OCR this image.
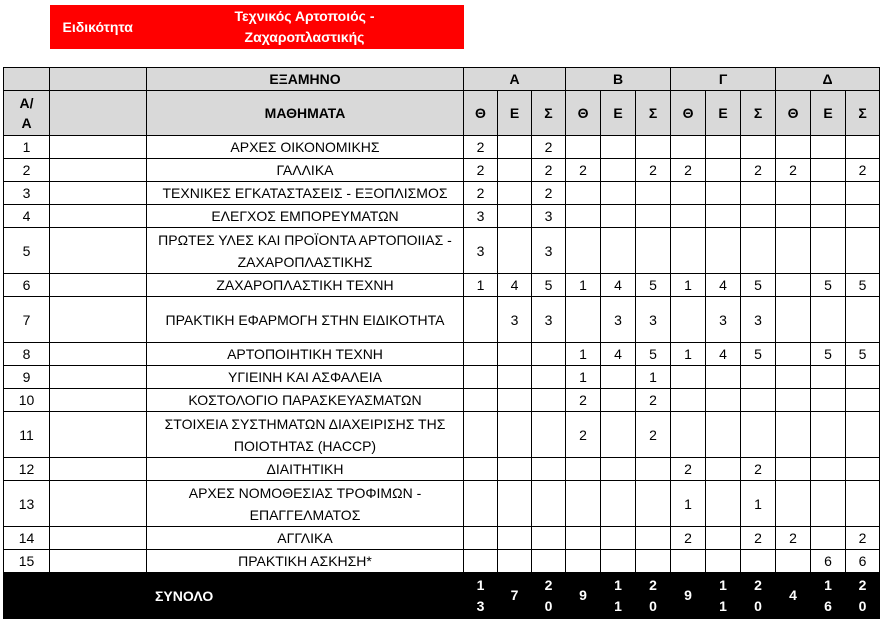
Ειδικότητα
Τεχνικός Αρτοποιός - Ζαχαροπλαστικής
		ΕΞΑΜΗΝΟ	Α			Β			Γ			Δ		
Α/Α		ΜΑΘΗΜΑΤΑ	Θ	Ε	Σ	Θ	Ε	Σ	Θ	Ε	Σ	Θ	Ε	Σ
1		ΑΡΧΕΣ ΟΙΚΟΝΟΜΙΚΗΣ	2		2									
2		ΓΑΛΛΙΚΑ	2		2	2		2	2		2	2		2
3		ΤΕΧΝΙΚΕΣ ΕΓΚΑΤΑΣΤΑΣΕΙΣ - ΕΞΟΠΛΙΣΜΟΣ	2		2									
4		ΕΛΕΓΧΟΣ ΕΜΠΟΡΕΥΜΑΤΩΝ	3		3									
5		ΠΡΩΤΕΣ ΥΛΕΣ ΚΑΙ ΠΡΟΪΟΝΤΑ ΑΡΤΟΠΟΙΙΑΣ - ΖΑΧΑΡΟΠΛΑΣΤΙΚΗΣ	3		3									
6		ΖΑΧΑΡΟΠΛΑΣΤΙΚΗ ΤΕΧΝΗ	1	4	5	1	4	5	1	4	5		5	5
7		ΠΡΑΚΤΙΚΗ ΕΦΑΡΜΟΓΗ ΣΤΗΝ ΕΙΔΙΚΟΤΗΤΑ		3	3		3	3		3	3			
8		ΑΡΤΟΠΟΙΗΤΙΚΗ ΤΕΧΝΗ				1	4	5	1	4	5		5	5
9		ΥΓΙΕΙΝΗ ΚΑΙ ΑΣΦΑΛΕΙΑ				1		1						
10		ΚΟΣΤΟΛΟΓΙΟ ΠΑΡΑΣΚΕΥΑΣΜΑΤΩΝ				2		2						
11		ΣΤΟΙΧΕΙΑ ΣΥΣΤΗΜΑΤΩΝ ΔΙΑΧΕΙΡΙΣΗΣ ΤΗΣ ΠΟΙΟΤΗΤΑΣ (HACCP)				2		2						
12		ΔΙΑΙΤΗΤΙΚΗ							2		2			
13		ΑΡΧΕΣ ΝΟΜΟΘΕΣΙΑΣ ΤΡΟΦΙΜΩΝ - ΕΠΑΓΓΕΛΜΑΤΟΣ							1		1			
14		ΑΓΓΛΙΚΑ							2		2	2		2
15		ΠΡΑΚΤΙΚΗ ΑΣΚΗΣΗ*											6	6
		ΣΥΝΟΛΟ	13	7	20	9	11	20	9	11	20	4	16	20
